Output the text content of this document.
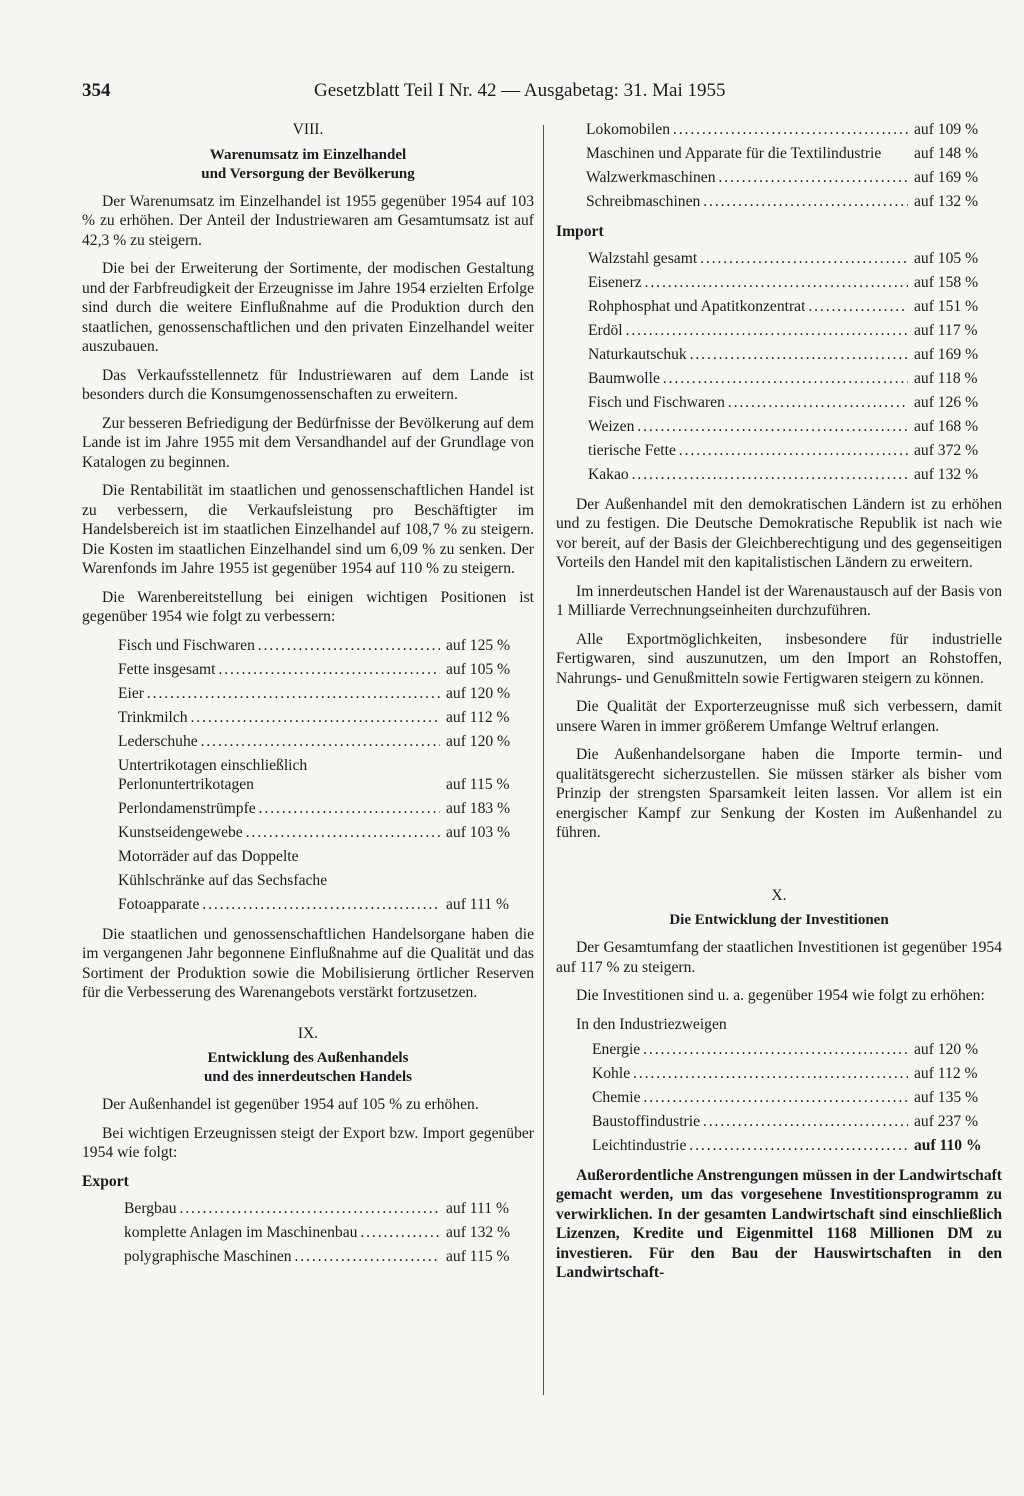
354	Gesetzblatt Teil I Nr. 42 — Ausgabetag: 31. Mai 1955
VIII.
Warenumsatz im Einzelhandel
und Versorgung der Bevölkerung

Der Warenumsatz im Einzelhandel ist 1955 gegenüber 1954 auf 103 % zu erhöhen. Der Anteil der Industriewaren am Gesamtumsatz ist auf 42,3 % zu steigern.

Die bei der Erweiterung der Sortimente, der modischen Gestaltung und der Farbfreudigkeit der Erzeugnisse im Jahre 1954 erzielten Erfolge sind durch die weitere Einflußnahme auf die Produktion durch den staatlichen, genossenschaftlichen und den privaten Einzelhandel weiter auszubauen.

Das Verkaufsstellennetz für Industriewaren auf dem Lande ist besonders durch die Konsumgenossenschaften zu erweitern.

Zur besseren Befriedigung der Bedürfnisse der Bevölkerung auf dem Lande ist im Jahre 1955 mit dem Versandhandel auf der Grundlage von Katalogen zu beginnen.

Die Rentabilität im staatlichen und genossenschaftlichen Handel ist zu verbessern, die Verkaufsleistung pro Beschäftigter im Handelsbereich ist im staatlichen Einzelhandel auf 108,7 % zu steigern. Die Kosten im staatlichen Einzelhandel sind um 6,09 % zu senken. Der Warenfonds im Jahre 1955 ist gegenüber 1954 auf 110 % zu steigern.

Die Warenbereitstellung bei einigen wichtigen Positionen ist gegenüber 1954 wie folgt zu verbessern:

Fisch und Fischwaren . . .	auf 125 %
Fette insgesamt . . .	auf 105 %
Eier . . .	auf 120 %
Trinkmilch . . .	auf 112 %
Lederschuhe . . .	auf 120 %
Untertrikotagen einschließlich Perlonuntertrikotagen	auf 115 %
Perlondamenstrümpfe . . .	auf 183 %
Kunstseidengewebe . . .	auf 103 %
Motorräder auf das Doppelte
Kühlschränke auf das Sechsfache
Fotoapparate . . .	auf 111 %

Die staatlichen und genossenschaftlichen Handelsorgane haben die im vergangenen Jahr begonnene Einflußnahme auf die Qualität und das Sortiment der Produktion sowie die Mobilisierung örtlicher Reserven für die Verbesserung des Warenangebots verstärkt fortzusetzen.

IX.
Entwicklung des Außenhandels
und des innerdeutschen Handels

Der Außenhandel ist gegenüber 1954 auf 105 % zu erhöhen.

Bei wichtigen Erzeugnissen steigt der Export bzw. Import gegenüber 1954 wie folgt:

Export
Bergbau . . .	auf 111 %
komplette Anlagen im Maschinenbau . . .	auf 132 %
polygraphische Maschinen . . .	auf 115 %
Lokomobilen . . .	auf 109 %
Maschinen und Apparate für die Textilindustrie	auf 148 %
Walzwerkmaschinen . . .	auf 169 %
Schreibmaschinen . . .	auf 132 %
Import
Walzstahl gesamt . . .	auf 105 %
Eisenerz . . .	auf 158 %
Rohphosphat und Apatitkonzentrat . . .	auf 151 %
Erdöl . . .	auf 117 %
Naturkautschuk . . .	auf 169 %
Baumwolle . . .	auf 118 %
Fisch und Fischwaren . . .	auf 126 %
Weizen . . .	auf 168 %
tierische Fette . . .	auf 372 %
Kakao . . .	auf 132 %

Der Außenhandel mit den demokratischen Ländern ist zu erhöhen und zu festigen. Die Deutsche Demokratische Republik ist nach wie vor bereit, auf der Basis der Gleichberechtigung und des gegenseitigen Vorteils den Handel mit den kapitalistischen Ländern zu erweitern.

Im innerdeutschen Handel ist der Warenaustausch auf der Basis von 1 Milliarde Verrechnungseinheiten durchzuführen.

Alle Exportmöglichkeiten, insbesondere für industrielle Fertigwaren, sind auszunutzen, um den Import an Rohstoffen, Nahrungs- und Genußmitteln sowie Fertigwaren steigern zu können.

Die Qualität der Exporterzeugnisse muß sich verbessern, damit unsere Waren in immer größerem Umfange Weltruf erlangen.

Die Außenhandelsorgane haben die Importe termin- und qualitätsgerecht sicherzustellen. Sie müssen stärker als bisher vom Prinzip der strengsten Sparsamkeit leiten lassen. Vor allem ist ein energischer Kampf zur Senkung der Kosten im Außenhandel zu führen.

X.
Die Entwicklung der Investitionen

Der Gesamtumfang der staatlichen Investitionen ist gegenüber 1954 auf 117 % zu steigern.

Die Investitionen sind u. a. gegenüber 1954 wie folgt zu erhöhen:

In den Industriezweigen
Energie . . .	auf 120 %
Kohle . . .	auf 112 %
Chemie . . .	auf 135 %
Baustoffindustrie . . .	auf 237 %
Leichtindustrie . . .	auf 110 %

Außerordentliche Anstrengungen müssen in der Landwirtschaft gemacht werden, um das vorgesehene Investitionsprogramm zu verwirklichen. In der gesamten Landwirtschaft sind einschließlich Lizenzen, Kredite und Eigenmittel 1168 Millionen DM zu investieren. Für den Bau der Hauswirtschaften in den Landwirtschaft-
